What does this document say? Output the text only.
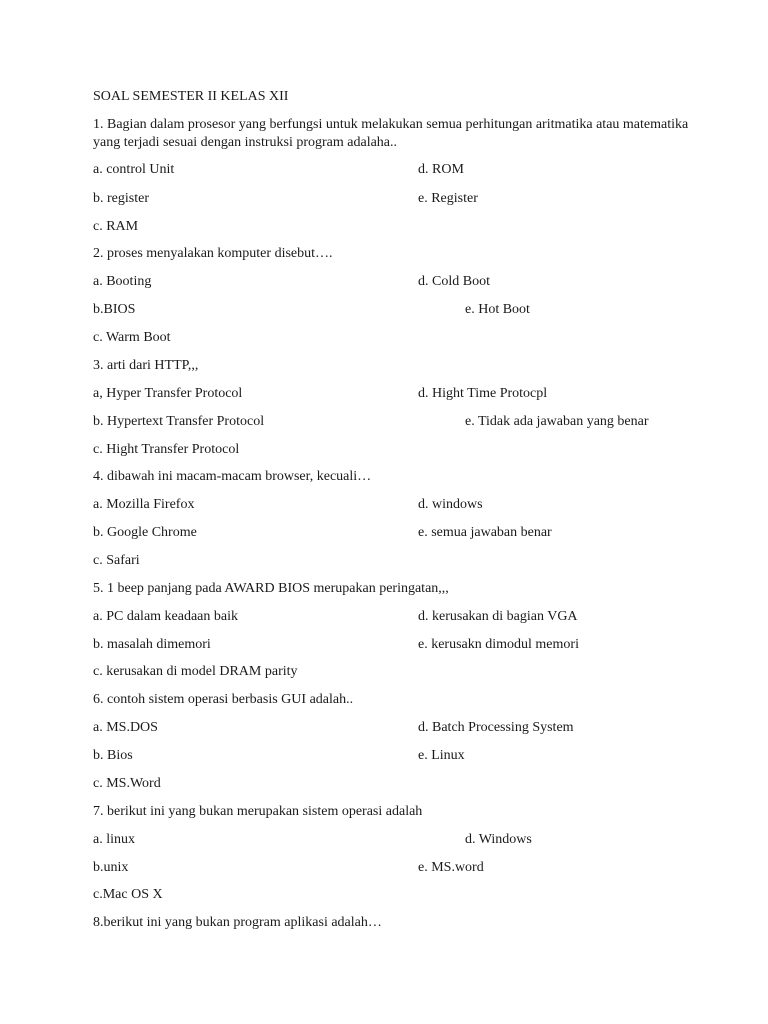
SOAL SEMESTER II KELAS XII
1. Bagian dalam prosesor yang berfungsi untuk melakukan semua perhitungan aritmatika atau matematika yang terjadi sesuai dengan instruksi program adalaha..
a. control Unit	d. ROM
b. register	e. Register
c. RAM
2. proses menyalakan komputer disebut….
a. Booting	d. Cold Boot
b.BIOS	e. Hot Boot
c. Warm Boot
3. arti dari HTTP,,,
a, Hyper Transfer Protocol	d. Hight Time Protocpl
b. Hypertext Transfer Protocol	e. Tidak ada jawaban yang benar
c. Hight Transfer Protocol
4. dibawah ini macam-macam browser, kecuali…
a. Mozilla Firefox	d. windows
b. Google Chrome	e. semua jawaban benar
c. Safari
5. 1 beep panjang pada AWARD BIOS merupakan peringatan,,,
a. PC dalam keadaan baik	d. kerusakan di bagian VGA
b. masalah dimemori	e. kerusakn dimodul memori
c. kerusakan di model DRAM parity
6. contoh sistem operasi berbasis GUI adalah..
a. MS.DOS	d. Batch Processing System
b. Bios	e. Linux
c. MS.Word
7. berikut ini yang bukan merupakan sistem operasi adalah
a. linux	d. Windows
b.unix	e. MS.word
c.Mac OS X
8.berikut ini yang bukan program aplikasi adalah…
